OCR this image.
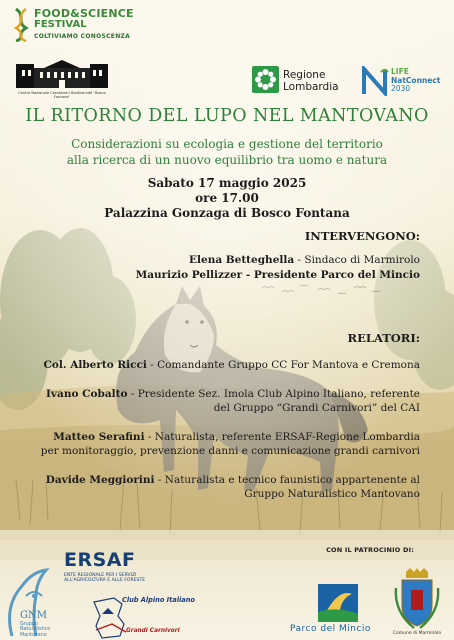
FOOD&SCIENCE
FESTIVAL
COLTIVIAMO CONOSCENZA
Centro Nazionale Carabinieri Biodiversità "Bosco Fontana"
Regione
Lombardia
LIFE
NatConnect
2030
IL RITORNO DEL LUPO NEL MANTOVANO
Considerazioni su ecologia e gestione del territorio
alla ricerca di un nuovo equilibrio tra uomo e natura
Sabato 17 maggio 2025
ore 17.00
Palazzina Gonzaga di Bosco Fontana
INTERVENGONO:
Elena Betteghella - Sindaco di Marmirolo
Maurizio Pellizzer - Presidente Parco del Mincio
RELATORI:
Col. Alberto Ricci - Comandante Gruppo CC For Mantova e Cremona
Ivano Cobalto - Presidente Sez. Imola Club Alpino Italiano, referente
del Gruppo “Grandi Carnivori” del CAI
Matteo Serafini - Naturalista, referente ERSAF-Regione Lombardia
per monitoraggio, prevenzione danni e comunicazione grandi carnivori
Davide Meggiorini - Naturalista e tecnico faunistico appartenente al
Gruppo Naturalistico Mantovano
CON IL PATROCINIO DI:
ERSAF
ENTE REGIONALE PER I SERVIZI
ALL'AGRICOLTURA E ALLE FORESTE
GNM
Gruppo
Naturalistico
Mantovano
Club Alpino Italiano
Grandi Carnivori	Parco del Mincio	Comune di Marmirolo
